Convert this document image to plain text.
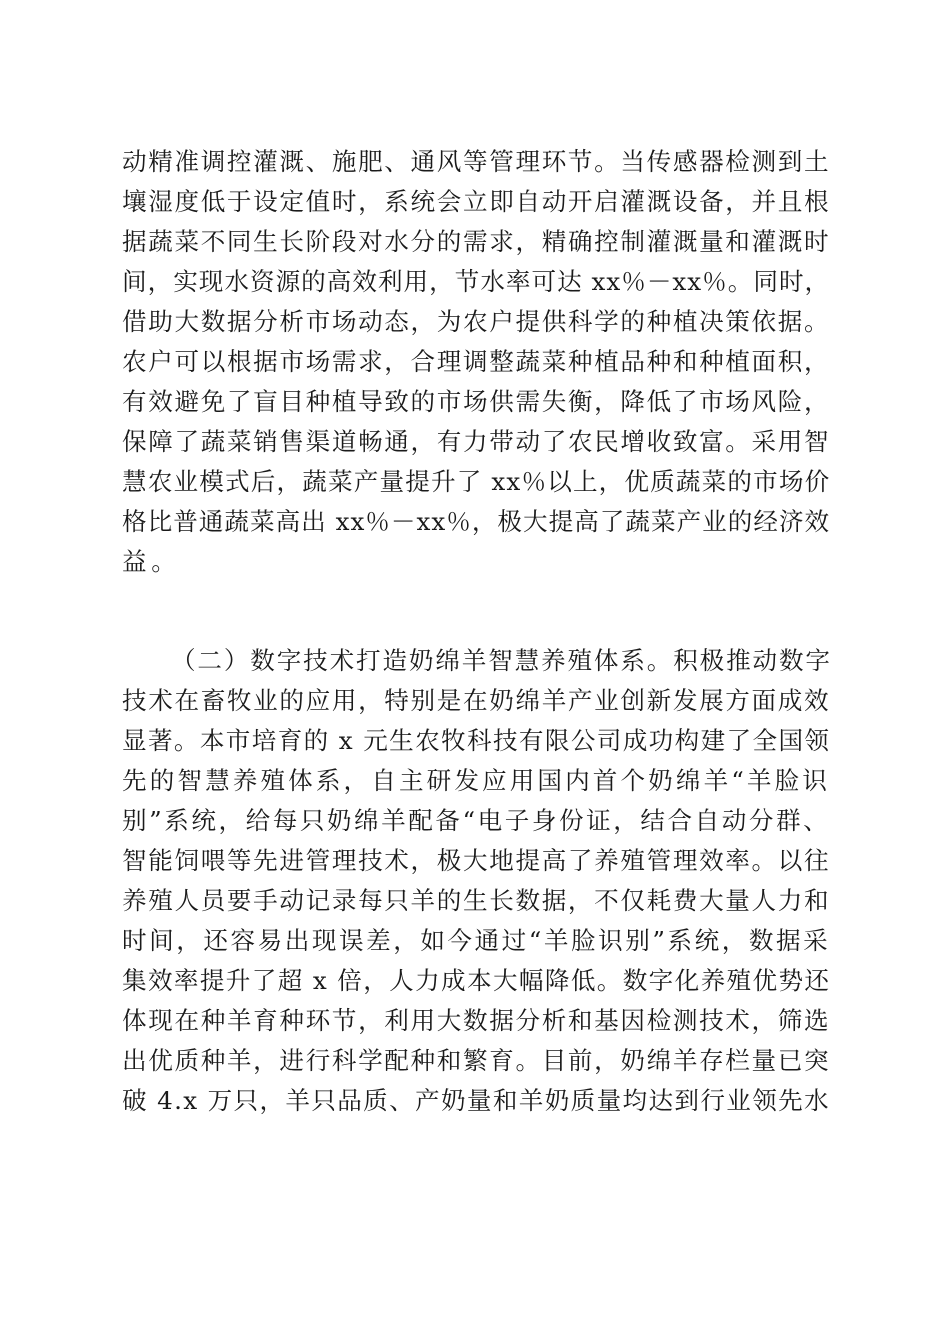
动精准调控灌溉、施肥、通风等管理环节。当传感器检测到土
壤湿度低于设定值时，系统会立即自动开启灌溉设备，并且根
据蔬菜不同生长阶段对水分的需求，精确控制灌溉量和灌溉时
间，实现水资源的高效利用，节水率可达 xx％－xx％。同时，
借助大数据分析市场动态，为农户提供科学的种植决策依据。
农户可以根据市场需求，合理调整蔬菜种植品种和种植面积，
有效避免了盲目种植导致的市场供需失衡，降低了市场风险，
保障了蔬菜销售渠道畅通，有力带动了农民增收致富。采用智
慧农业模式后，蔬菜产量提升了 xx％以上，优质蔬菜的市场价
格比普通蔬菜高出 xx％－xx％，极大提高了蔬菜产业的经济效
益。
（二）数字技术打造奶绵羊智慧养殖体系。积极推动数字
技术在畜牧业的应用，特别是在奶绵羊产业创新发展方面成效
显著。本市培育的 x 元生农牧科技有限公司成功构建了全国领
先的智慧养殖体系，自主研发应用国内首个奶绵羊“羊脸识
别”系统，给每只奶绵羊配备“电子身份证，结合自动分群、
智能饲喂等先进管理技术，极大地提高了养殖管理效率。以往
养殖人员要手动记录每只羊的生长数据，不仅耗费大量人力和
时间，还容易出现误差，如今通过“羊脸识别”系统，数据采
集效率提升了超 x 倍，人力成本大幅降低。数字化养殖优势还
体现在种羊育种环节，利用大数据分析和基因检测技术，筛选
出优质种羊，进行科学配种和繁育。目前，奶绵羊存栏量已突
破 4.x 万只，羊只品质、产奶量和羊奶质量均达到行业领先水
